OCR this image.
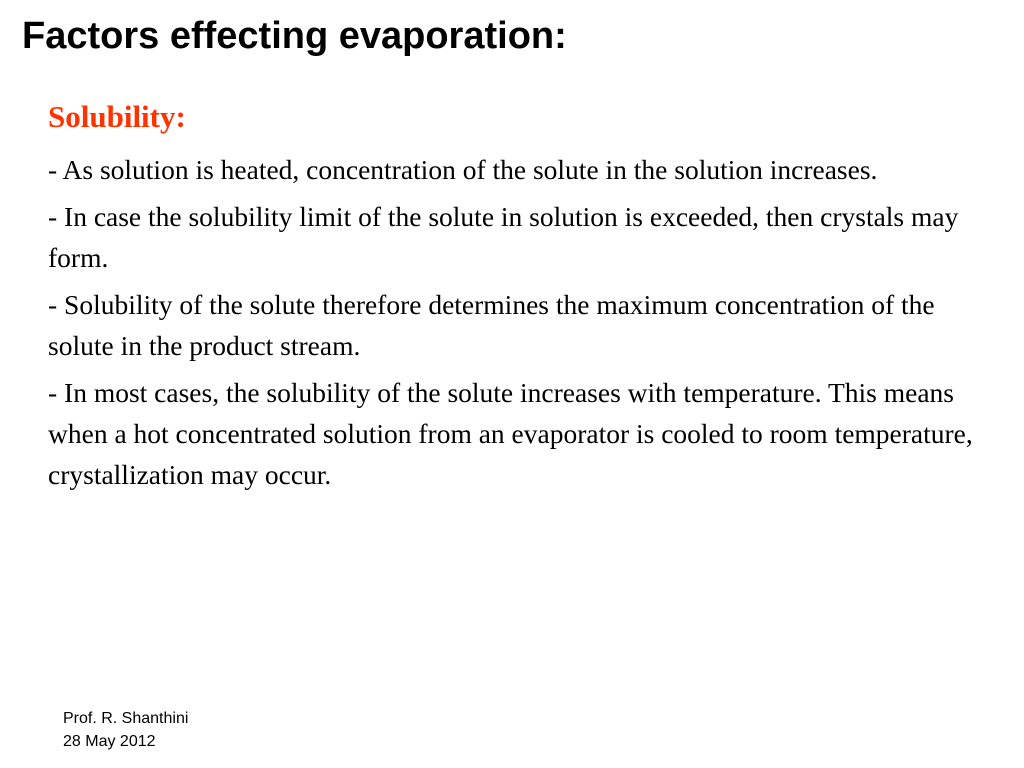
Factors effecting evaporation:
Solubility:
- As solution is heated, concentration of the solute in the solution increases.
- In case the solubility limit of the solute in solution is exceeded, then crystals may form.
- Solubility of the solute therefore determines the maximum concentration of the solute in the product stream.
- In most cases, the solubility of the solute increases with temperature. This means when a hot concentrated solution from an evaporator is cooled to room temperature, crystallization may occur.
Prof. R. Shanthini
28 May 2012
